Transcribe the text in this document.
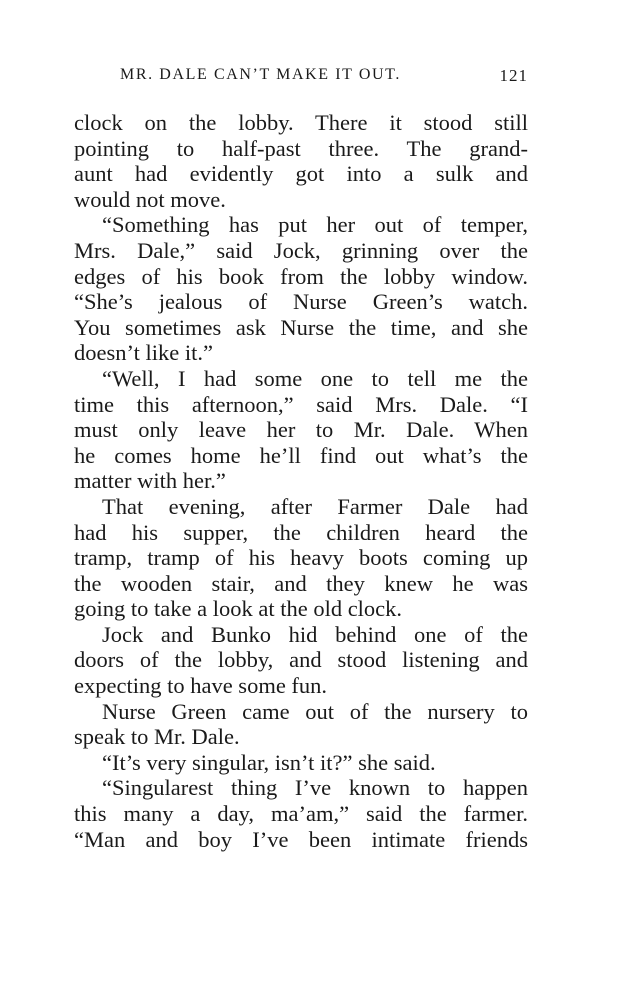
MR. DALE CAN’T MAKE IT OUT.	121
clock on the lobby. There it stood still
pointing to half-past three. The grand-
aunt had evidently got into a sulk and
would not move.
“Something has put her out of temper,
Mrs. Dale,” said Jock, grinning over the
edges of his book from the lobby window.
“She’s jealous of Nurse Green’s watch.
You sometimes ask Nurse the time, and she
doesn’t like it.”
“Well, I had some one to tell me the
time this afternoon,” said Mrs. Dale. “I
must only leave her to Mr. Dale. When
he comes home he’ll find out what’s the
matter with her.”
That evening, after Farmer Dale had
had his supper, the children heard the
tramp, tramp of his heavy boots coming up
the wooden stair, and they knew he was
going to take a look at the old clock.
Jock and Bunko hid behind one of the
doors of the lobby, and stood listening and
expecting to have some fun.
Nurse Green came out of the nursery to
speak to Mr. Dale.
“It’s very singular, isn’t it?” she said.
“Singularest thing I’ve known to happen
this many a day, ma’am,” said the farmer.
“Man and boy I’ve been intimate friends
